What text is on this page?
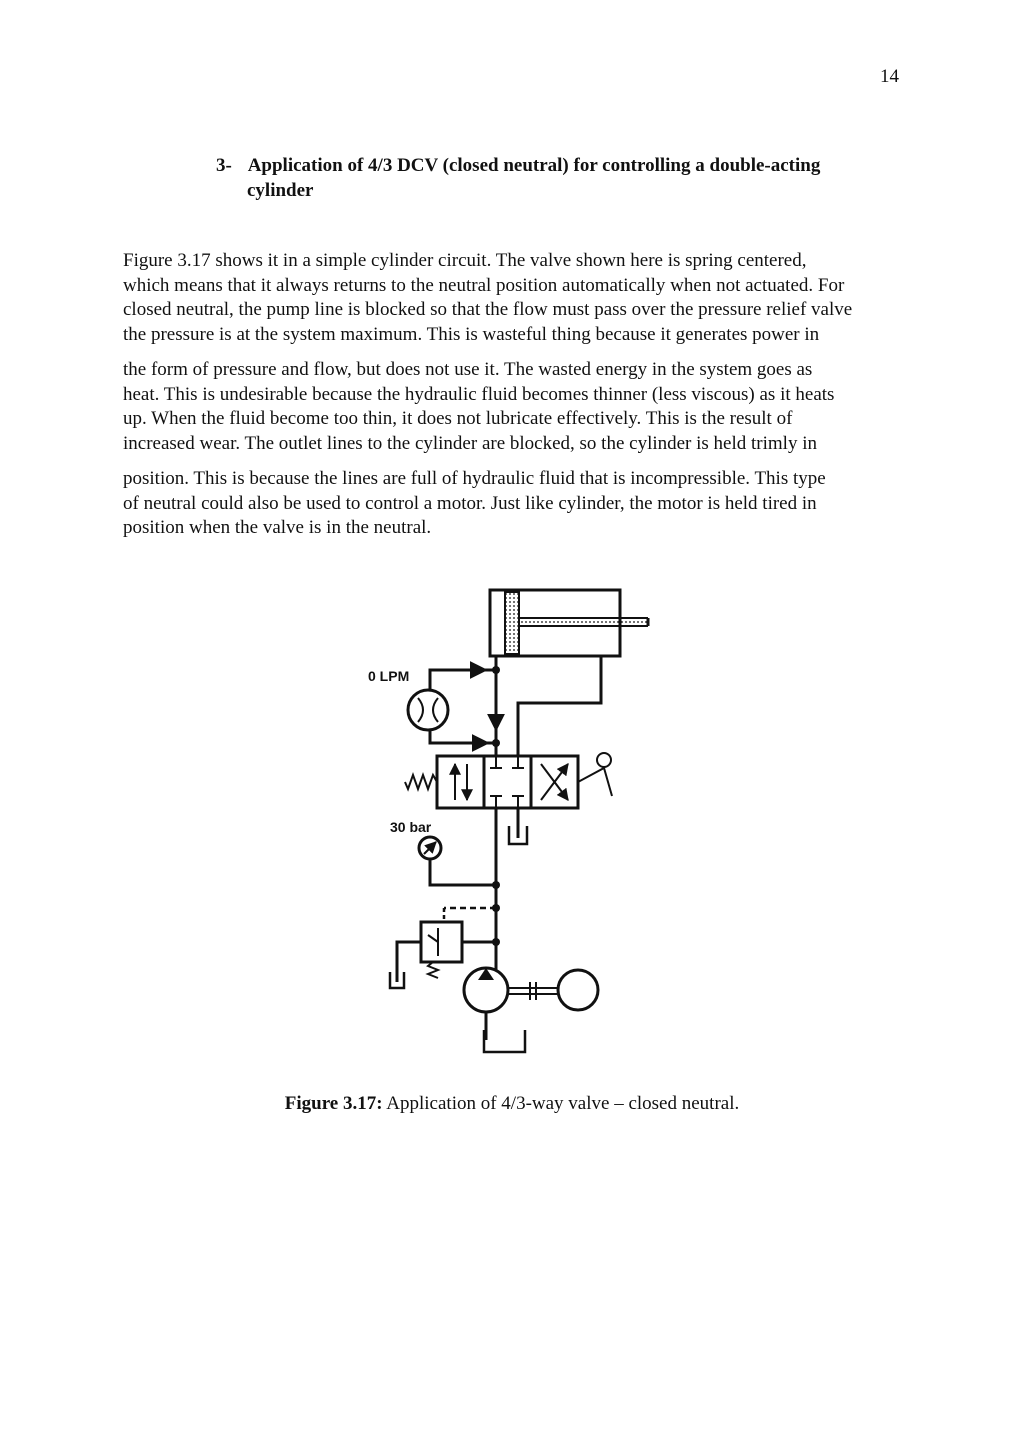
14
3- Application of 4/3 DCV (closed neutral) for controlling a double-acting
cylinder
Figure 3.17 shows it in a simple cylinder circuit. The valve shown here is spring centered,
which means that it always returns to the neutral position automatically when not actuated. For
closed neutral, the pump line is blocked so that the flow must pass over the pressure relief valve
the pressure is at the system maximum. This is wasteful thing because it generates power in
the form of pressure and flow, but does not use it. The wasted energy in the system goes as
heat. This is undesirable because the hydraulic fluid becomes thinner (less viscous) as it heats
up. When the fluid become too thin, it does not lubricate effectively. This is the result of
increased wear. The outlet lines to the cylinder are blocked, so the cylinder is held trimly in
position. This is because the lines are full of hydraulic fluid that is incompressible. This type
of neutral could also be used to control a motor. Just like cylinder, the motor is held tired in
position when the valve is in the neutral.
0 LPM
30 bar
Figure 3.17: Application of 4/3-way valve – closed neutral.
